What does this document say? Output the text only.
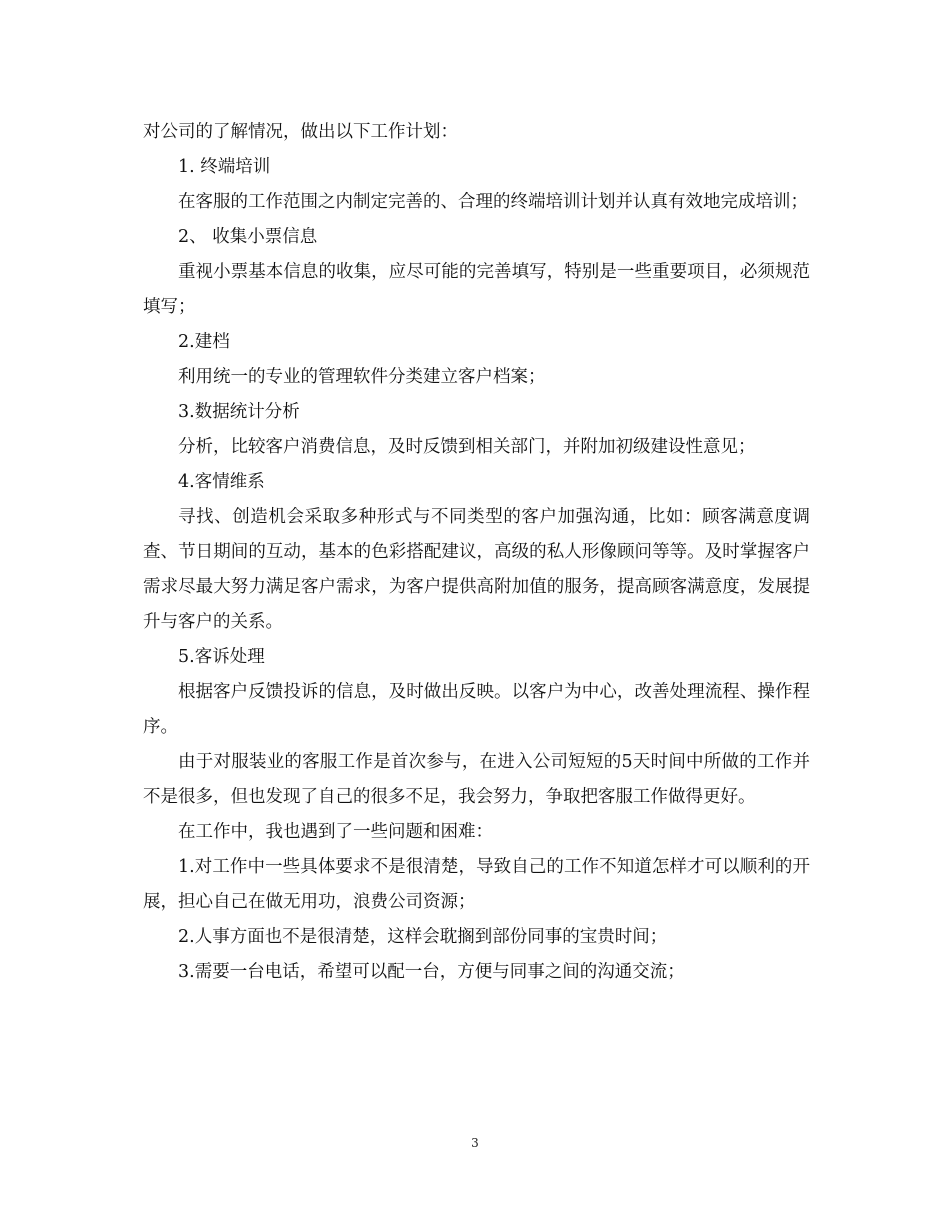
对公司的了解情况，做出以下工作计划：

1. 终端培训

在客服的工作范围之内制定完善的、合理的终端培训计划并认真有效地完成培训；

2、 收集小票信息

重视小票基本信息的收集，应尽可能的完善填写，特别是一些重要项目，必须规范填写；

2.建档

利用统一的专业的管理软件分类建立客户档案；

3.数据统计分析

分析，比较客户消费信息，及时反馈到相关部门，并附加初级建设性意见；

4.客情维系

寻找、创造机会采取多种形式与不同类型的客户加强沟通，比如：顾客满意度调查、节日期间的互动，基本的色彩搭配建议，高级的私人形像顾问等等。及时掌握客户需求尽最大努力满足客户需求，为客户提供高附加值的服务，提高顾客满意度，发展提升与客户的关系。

5.客诉处理

根据客户反馈投诉的信息，及时做出反映。以客户为中心，改善处理流程、操作程序。

由于对服装业的客服工作是首次参与，在进入公司短短的5天时间中所做的工作并不是很多，但也发现了自己的很多不足，我会努力，争取把客服工作做得更好。

在工作中，我也遇到了一些问题和困难：

1.对工作中一些具体要求不是很清楚，导致自己的工作不知道怎样才可以顺利的开展，担心自己在做无用功，浪费公司资源；

2.人事方面也不是很清楚，这样会耽搁到部份同事的宝贵时间；

3.需要一台电话，希望可以配一台，方便与同事之间的沟通交流；

3
